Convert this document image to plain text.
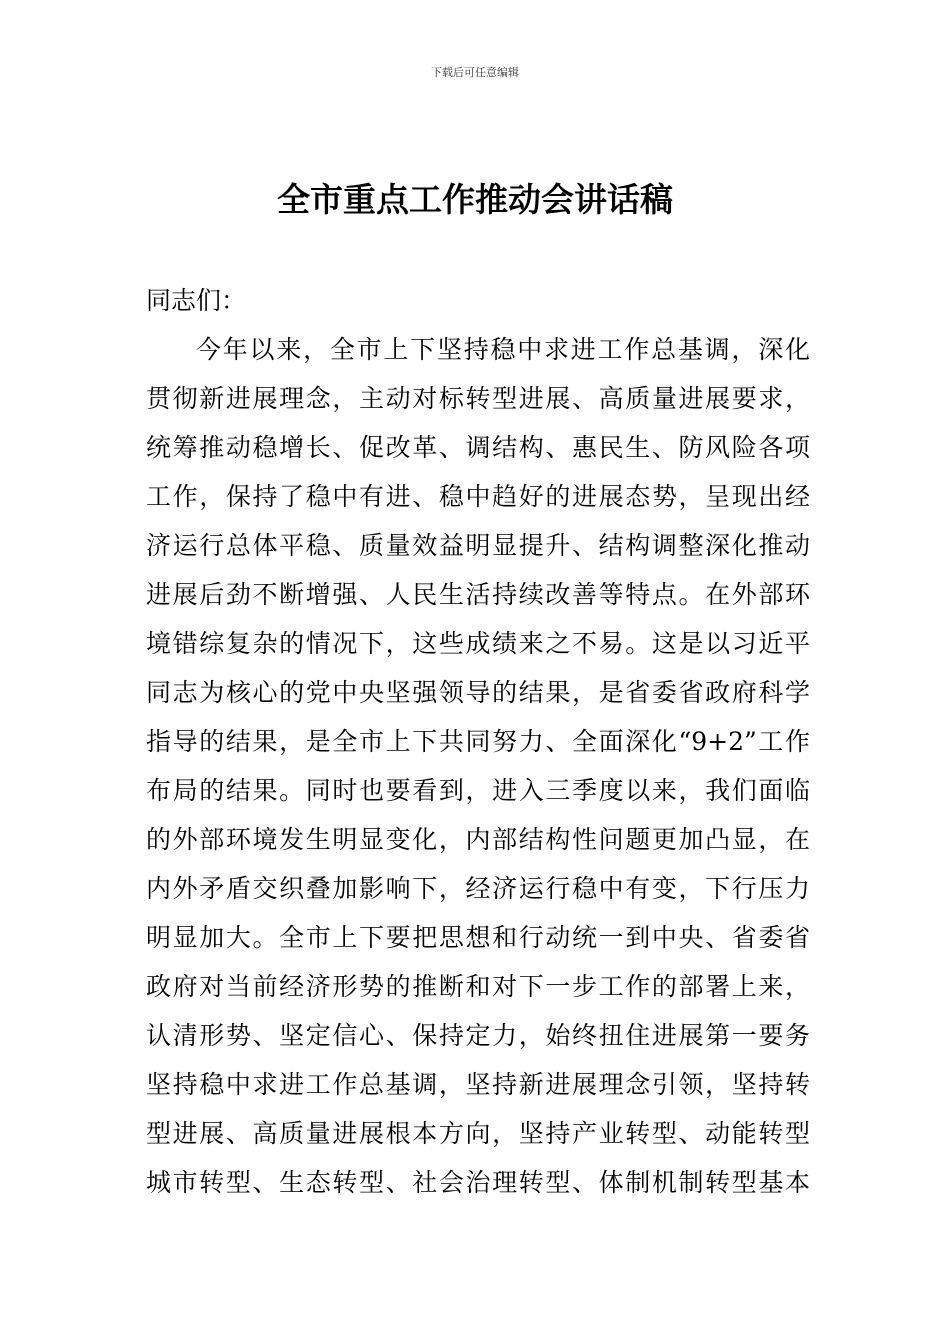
下载后可任意编辑
全市重点工作推动会讲话稿
同志们：
今年以来，全市上下坚持稳中求进工作总基调，深化
贯彻新进展理念，主动对标转型进展、高质量进展要求，
统筹推动稳增长、促改革、调结构、惠民生、防风险各项
工作，保持了稳中有进、稳中趋好的进展态势，呈现出经
济运行总体平稳、质量效益明显提升、结构调整深化推动
进展后劲不断增强、人民生活持续改善等特点。在外部环
境错综复杂的情况下，这些成绩来之不易。这是以习近平
同志为核心的党中央坚强领导的结果，是省委省政府科学
指导的结果，是全市上下共同努力、全面深化“9+2”工作
布局的结果。同时也要看到，进入三季度以来，我们面临
的外部环境发生明显变化，内部结构性问题更加凸显，在
内外矛盾交织叠加影响下，经济运行稳中有变，下行压力
明显加大。全市上下要把思想和行动统一到中央、省委省
政府对当前经济形势的推断和对下一步工作的部署上来，
认清形势、坚定信心、保持定力，始终扭住进展第一要务
坚持稳中求进工作总基调，坚持新进展理念引领，坚持转
型进展、高质量进展根本方向，坚持产业转型、动能转型
城市转型、生态转型、社会治理转型、体制机制转型基本
